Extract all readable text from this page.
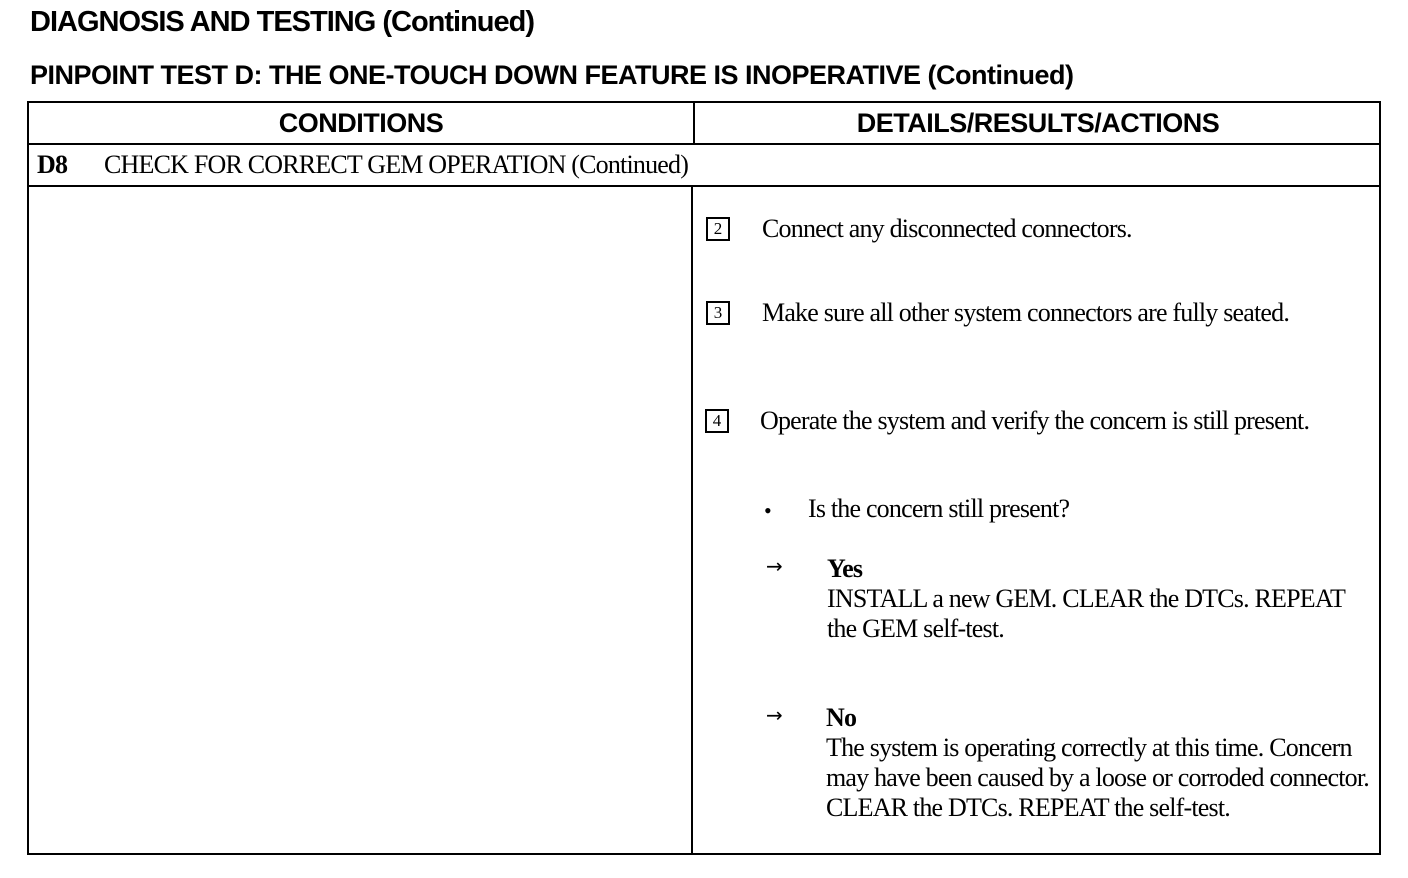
DIAGNOSIS AND TESTING (Continued)
PINPOINT TEST D: THE ONE-TOUCH DOWN FEATURE IS INOPERATIVE (Continued)
CONDITIONS	DETAILS/RESULTS/ACTIONS
D8 CHECK FOR CORRECT GEM OPERATION (Continued)
2 Connect any disconnected connectors.
3 Make sure all other system connectors are fully seated.
4 Operate the system and verify the concern is still present.
• Is the concern still present?
→ Yes
INSTALL a new GEM. CLEAR the DTCs. REPEAT the GEM self-test.
→ No
The system is operating correctly at this time. Concern may have been caused by a loose or corroded connector. CLEAR the DTCs. REPEAT the self-test.
